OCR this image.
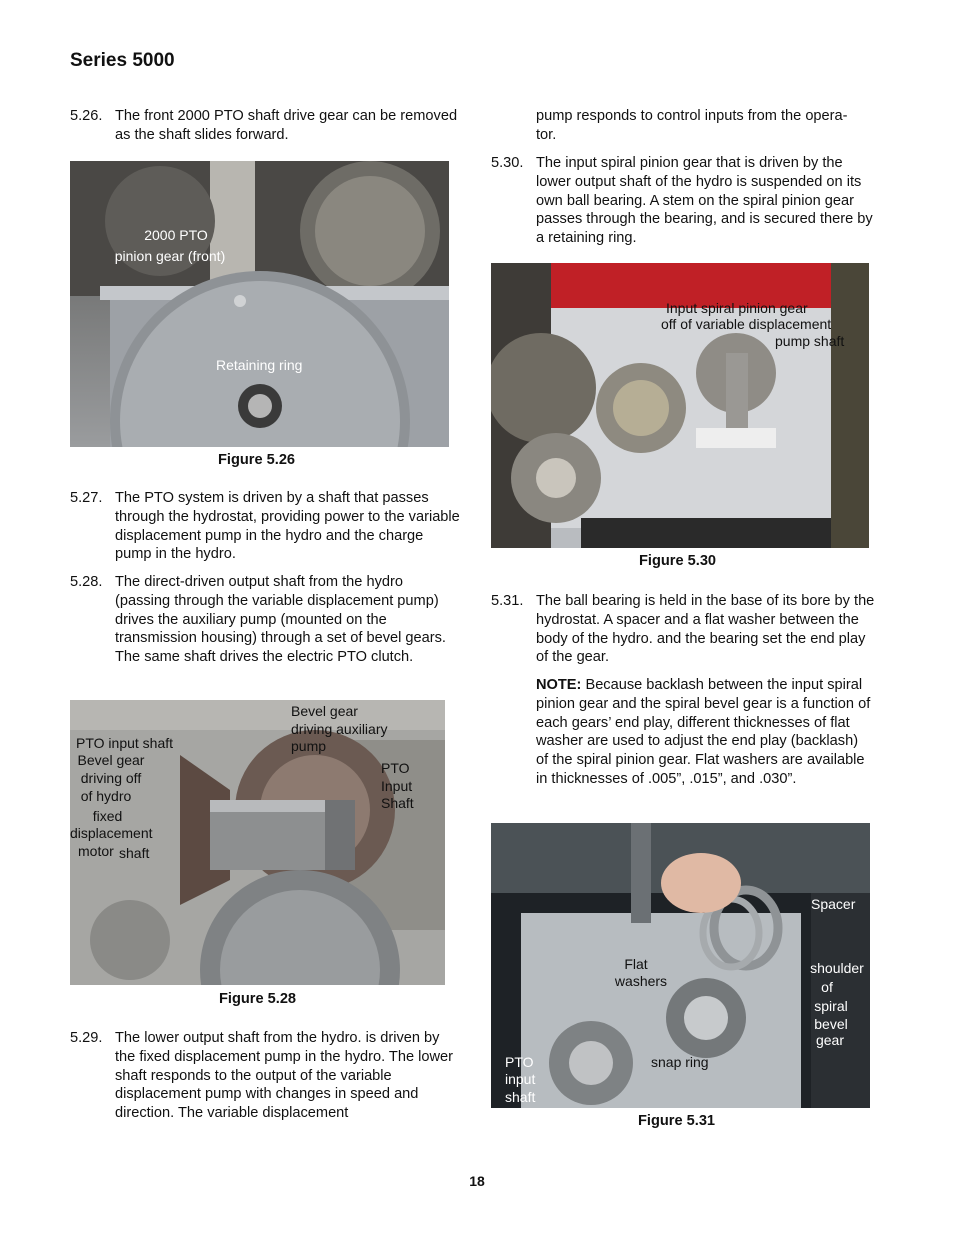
Series 5000
5.26. The front 2000 PTO shaft drive gear can be removed as the shaft slides forward.
2000 PTO
pinion gear (front)
Retaining ring
Figure 5.26
5.27. The PTO system is driven by a shaft that passes through the hydrostat, providing power to the variable displacement pump in the hydro and the charge pump in the hydro.
5.28. The direct-driven output shaft from the hydro (passing through the variable displacement pump) drives the auxiliary pump (mounted on the transmission housing) through a set of bevel gears. The same shaft drives the electric PTO clutch.
Bevel gear
driving auxiliary
pump
PTO input shaft
Bevel gear
driving off
of hydro
fixed
displacement
motor shaft
PTO
Input
Shaft
Figure 5.28
5.29. The lower output shaft from the hydro. is driven by the fixed displacement pump in the hydro. The lower shaft responds to the output of the variable displacement pump with changes in speed and direction. The variable displacement
pump responds to control inputs from the opera-
tor.
5.30. The input spiral pinion gear that is driven by the lower output shaft of the hydro is suspended on its own ball bearing. A stem on the spiral pinion gear passes through the bearing, and is secured there by a retaining ring.
Input spiral pinion gear
off of variable displacement
pump shaft
Figure 5.30
5.31. The ball bearing is held in the base of its bore by the hydrostat. A spacer and a flat washer between the body of the hydro. and the bearing set the end play of the gear.
NOTE: Because backlash between the input spiral pinion gear and the spiral bevel gear is a function of each gears’ end play, different thicknesses of flat washer are used to adjust the end play (backlash) of the spiral pinion gear. Flat washers are available in thicknesses of .005”, .015”, and .030”.
Spacer
Flat
washers
shoulder
of
spiral
bevel
gear
snap ring
PTO
input
shaft
Figure 5.31
18
